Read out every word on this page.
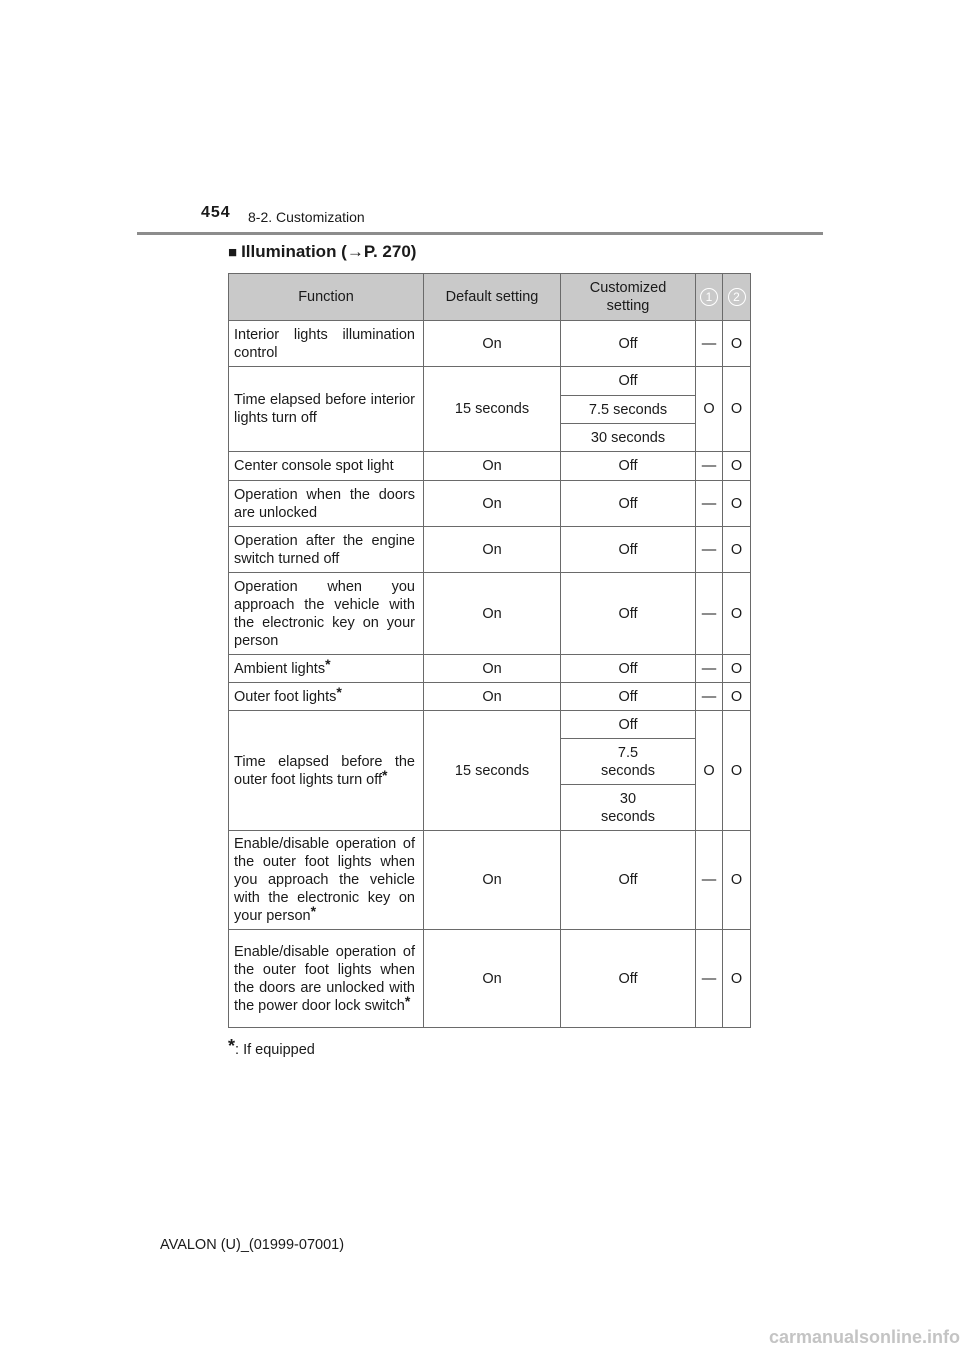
454 8-2. Customization
■ Illumination (→P. 270)
Function	Default setting	Customized setting	1	2
Interior lights illumination control	On	Off	—	O
Time elapsed before interior lights turn off	15 seconds	Off	O	O
		7.5 seconds		
		30 seconds		
Center console spot light	On	Off	—	O
Operation when the doors are unlocked	On	Off	—	O
Operation after the engine switch turned off	On	Off	—	O
Operation when you approach the vehicle with the electronic key on your person	On	Off	—	O
Ambient lights*	On	Off	—	O
Outer foot lights*	On	Off	—	O
Time elapsed before the outer foot lights turn off*	15 seconds	Off	O	O

		7.5 seconds		

		30 seconds		

Enable/disable operation of the outer foot lights when you approach the vehicle with the electronic key on your person*	On	Off	—	O
Enable/disable operation of the outer foot lights when the doors are unlocked with the power door lock switch*	On	Off	—	O
*: If equipped
AVALON (U)_(01999-07001)
carmanualsonline.info
